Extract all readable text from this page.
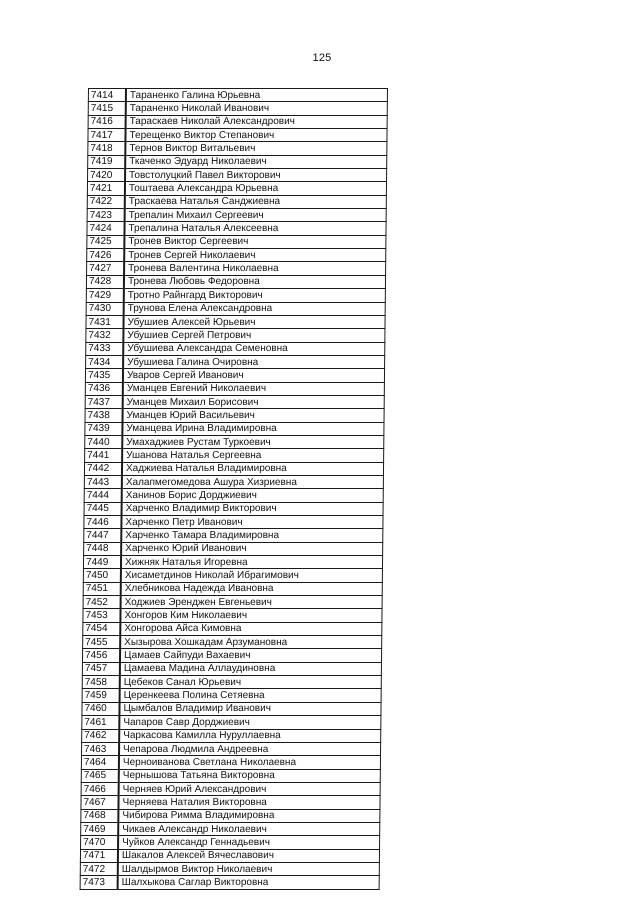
125
7414	Тараненко Галина Юрьевна
7415	Тараненко Николай Иванович
7416	Тараскаев Николай Александрович
7417	Терещенко Виктор Степанович
7418	Тернов Виктор Витальевич
7419	Ткаченко Эдуард Николаевич
7420	Товстолуцкий Павел Викторович
7421	Тоштаева Александра Юрьевна
7422	Траскаева Наталья Санджиевна
7423	Трепалин Михаил Сергеевич
7424	Трепалина Наталья Алексеевна
7425	Тронев Виктор Сергеевич
7426	Тронев Сергей Николаевич
7427	Тронева Валентина Николаевна
7428	Тронева Любовь Федоровна
7429	Тротно Райнгард Викторович
7430	Трунова Елена Александровна
7431	Убушиев Алексей Юрьевич
7432	Убушиев Сергей Петрович
7433	Убушиева Александра Семеновна
7434	Убушиева Галина Очировна
7435	Уваров Сергей Иванович
7436	Уманцев Евгений Николаевич
7437	Уманцев Михаил Борисович
7438	Уманцев Юрий Васильевич
7439	Уманцева Ирина Владимировна
7440	Умахаджиев Рустам Туркоевич
7441	Ушанова Наталья Сергеевна
7442	Хаджиева Наталья Владимировна
7443	Халапмегомедова Ашура Хизриевна
7444	Ханинов Борис Дорджиевич
7445	Харченко Владимир Викторович
7446	Харченко Петр Иванович
7447	Харченко Тамара Владимировна
7448	Харченко Юрий Иванович
7449	Хижняк Наталья Игоревна
7450	Хисаметдинов Николай Ибрагимович
7451	Хлебникова Надежда Ивановна
7452	Ходжиев Эренджен Евгеньевич
7453	Хонгоров Ким Николаевич
7454	Хонгорова Айса Кимовна
7455	Хызырова Хошкадам Арзумановна
7456	Цамаев Сайпуди Вахаевич
7457	Цамаева Мадина Аллаудиновна
7458	Цебеков Санал Юрьевич
7459	Церенкеева Полина Сетяевна
7460	Цымбалов Владимир Иванович
7461	Чапаров Савр Дорджиевич
7462	Чаркасова Камилла Нуруллаевна
7463	Чепарова Людмила Андреевна
7464	Черноиванова Светлана Николаевна
7465	Чернышова Татьяна Викторовна
7466	Черняев Юрий Александрович
7467	Черняева Наталия Викторовна
7468	Чибирова Римма Владимировна
7469	Чикаев Александр Николаевич
7470	Чуйков Александр Геннадьевич
7471	Шакалов Алексей Вячеславович
7472	Шалдырмов Виктор Николаевич
7473	Шалхыкова Саглар Викторовна
